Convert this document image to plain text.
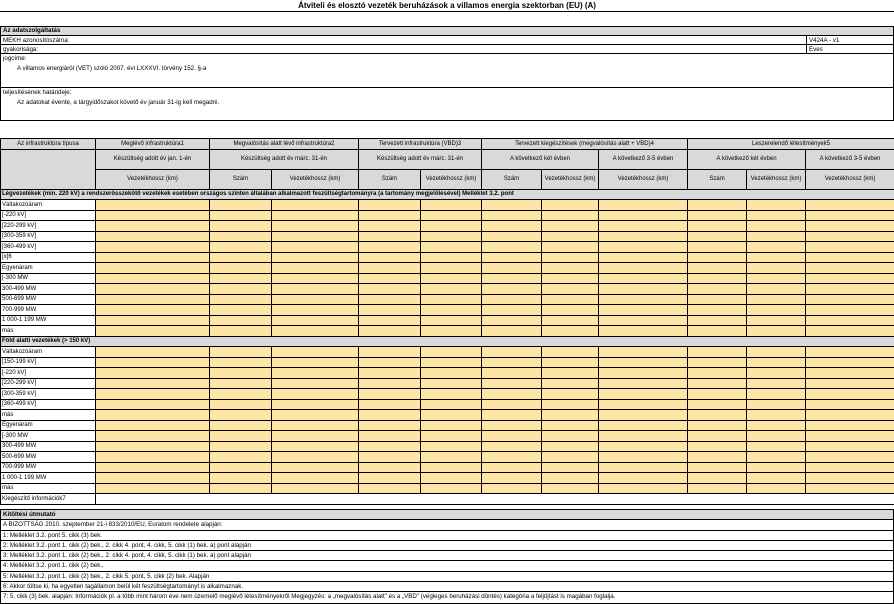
Átviteli és elosztó vezeték beruházások a villamos energia szektorban (EU) (A)
Az adatszolgáltatás
MEKH azonosítószáma:	V424A - v1
gyakorisága:	Éves
jogcíme:
A villamos energiáról (VET) szóló 2007. évi LXXXVI. törvény 152. §-a
teljesítésének határideje:
Az adatokat évente, a tárgyidőszakot követő év január 31-ig kell megadni.
Az infrastruktúra típusa	Meglévő infrastruktúra1	Megvalósítás alatt lévő infrastruktúra2		Tervezett infrastruktúra (VBD)3		Tervezett kiegészítések (megvalósítás alatt + VBD)4			Leszerelendő létesítmények5		
	Készültség adott év jan. 1-én	Készültség adott év márc. 31-én		Készültség adott év márc. 31-én		A következő két évben		A következő 3-5 évben	A következő két évben		A következő 3-5 évben
	Vezetékhossz (km)	Szám	Vezetékhossz (km)	Szám	Vezetékhossz (km)	Szám	Vezetékhossz (km)	Vezetékhossz (km)	Szám	Vezetékhossz (km)	Vezetékhossz (km)
Légvezetékek (min. 220 kV) a rendszerösszekötő vezetékek esetében országos szinten általában alkalmazott feszültségtartományra (a tartomány megjelölésével) Melléklet 3.2. pont											
Váltakozóáram											
[-220 kV]											
[220-299 kV]											
[300-359 kV]											
[360-499 kV]											
[x]6											
Egyenáram											
[-300 MW											
300-499 MW											
500-699 MW											
700-999 MW											
1 000-1 199 MW											
más											
Föld alatti vezetékek (> 150 kV)											
Váltakozóáram											
[150-199 kV]											
[-220 kV]											
[220-299 kV]											
[300-359 kV]											
[360-499 kV]											
más											
Egyenáram											
[-300 MW											
300-499 MW											
500-699 MW											
700-999 MW											
1 000-1 199 MW											
más											
Kiegészítő információk7											
Kitöltési útmutató
A BIZOTTSÁG 2010. szeptember 21-i 833/2010/EU, Euratom rendelete alapján:
1: Melléklet 3.2. pont 5. cikk (3) bek.
2: Melléklet 3.2. pont 1. cikk (2) bek., 2. cikk 4. pont, 4. cikk, 5. cikk (1) bek. a) pont alapján
3: Melléklet 3.2. pont 1. cikk (2) bek., 2. cikk 4. pont, 4. cikk, 5. cikk (1) bek. a) pont alapján
4: Melléklet 3.2. pont 1. cikk (2) bek.,
5: Melléklet 3.2. pont 1. cikk (2) bek., 2. cikk 5. pont, 5. cikk (2) bek. Alapján
6: Akkor töltse ki, ha egyetlen tagállamon belül két feszültségtartományt is alkalmaznak.
7: 5. cikk (3) bek. alapján: Információk pl. a több mint három éve nem üzemelő meglévő létesítményekről Megjegyzés: a „megvalósítás alatt" és a „VBD" (végleges beruházási döntés) kategória a feljűjtást is magában foglalja.
